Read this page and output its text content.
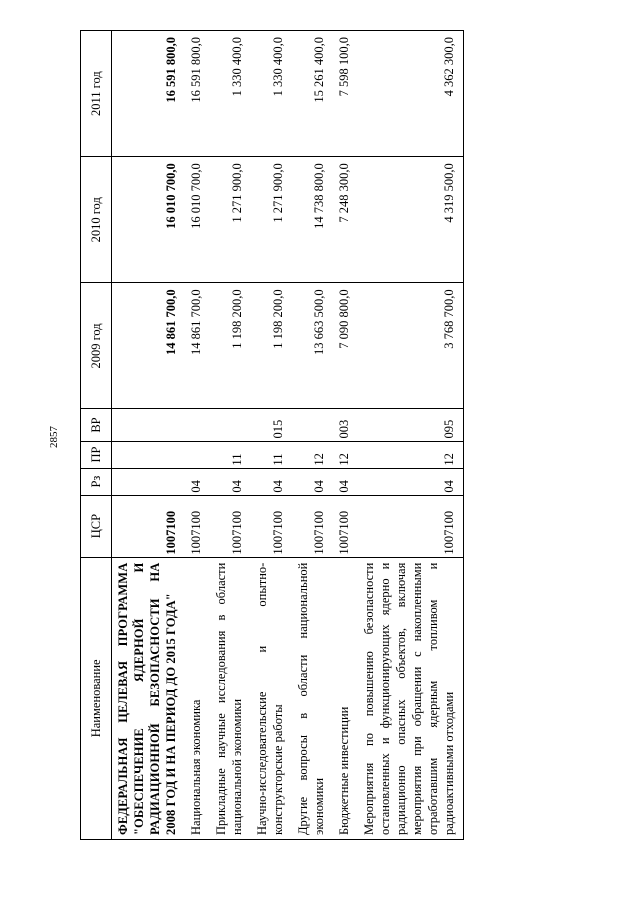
2857
Наименование	ЦСР	Рз	ПР	ВР	2009 год	2010 год	2011 год
ФЕДЕРАЛЬНАЯ ЦЕЛЕВАЯ ПРОГРАММА "ОБЕСПЕЧЕНИЕ ЯДЕРНОЙ И РАДИАЦИОННОЙ БЕЗОПАСНОСТИ НА 2008 ГОД И НА ПЕРИОД ДО 2015 ГОДА"	1007100				14 861 700,0	16 010 700,0	16 591 800,0
Национальная экономика	1007100	04			14 861 700,0	16 010 700,0	16 591 800,0
Прикладные научные исследования в области национальной экономики	1007100	04	11		1 198 200,0	1 271 900,0	1 330 400,0
Научно-исследовательские и опытно-конструкторские работы	1007100	04	11	015	1 198 200,0	1 271 900,0	1 330 400,0
Другие вопросы в области национальной экономики	1007100	04	12		13 663 500,0	14 738 800,0	15 261 400,0
Бюджетные инвестиции	1007100	04	12	003	7 090 800,0	7 248 300,0	7 598 100,0
Мероприятия по повышению безопасности остановленных и функционирующих ядерно и радиационно опасных объектов, включая мероприятия при обращении с накопленными отработавшим ядерным топливом и радиоактивными отходами	1007100	04	12	095	3 768 700,0	4 319 500,0	4 362 300,0
